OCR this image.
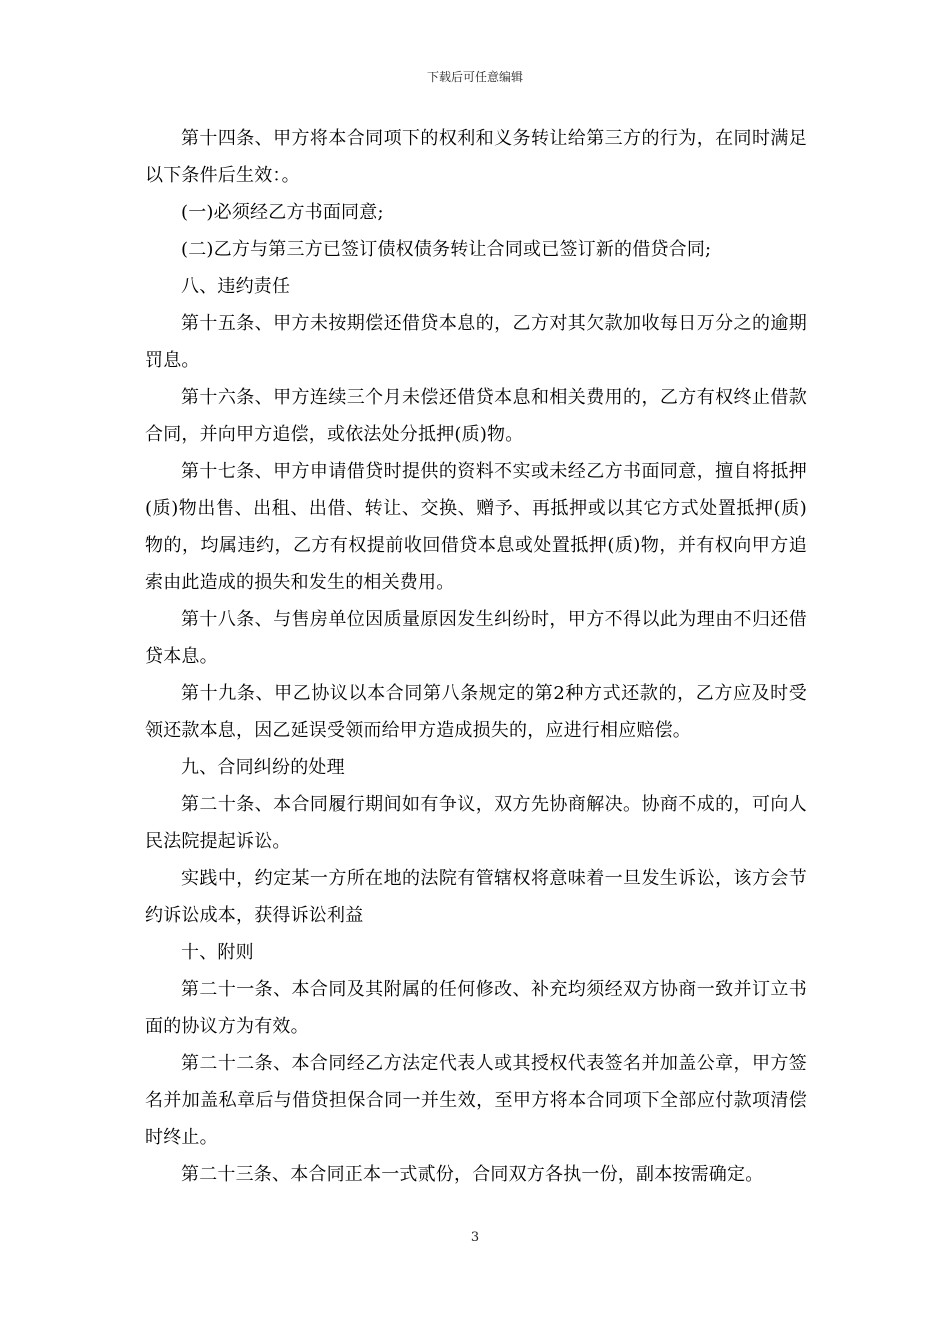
下载后可任意编辑

第十四条、甲方将本合同项下的权利和义务转让给第三方的行为，在同时满足以下条件后生效：。

(一)必须经乙方书面同意;

(二)乙方与第三方已签订债权债务转让合同或已签订新的借贷合同;

八、违约责任

第十五条、甲方未按期偿还借贷本息的，乙方对其欠款加收每日万分之的逾期罚息。

第十六条、甲方连续三个月未偿还借贷本息和相关费用的，乙方有权终止借款合同，并向甲方追偿，或依法处分抵押(质)物。

第十七条、甲方申请借贷时提供的资料不实或未经乙方书面同意，擅自将抵押(质)物出售、出租、出借、转让、交换、赠予、再抵押或以其它方式处置抵押(质)物的，均属违约，乙方有权提前收回借贷本息或处置抵押(质)物，并有权向甲方追索由此造成的损失和发生的相关费用。

第十八条、与售房单位因质量原因发生纠纷时，甲方不得以此为理由不归还借贷本息。

第十九条、甲乙协议以本合同第八条规定的第2种方式还款的，乙方应及时受领还款本息，因乙延误受领而给甲方造成损失的，应进行相应赔偿。

九、合同纠纷的处理

第二十条、本合同履行期间如有争议，双方先协商解决。协商不成的，可向人民法院提起诉讼。

实践中，约定某一方所在地的法院有管辖权将意味着一旦发生诉讼，该方会节约诉讼成本，获得诉讼利益

十、附则

第二十一条、本合同及其附属的任何修改、补充均须经双方协商一致并订立书面的协议方为有效。

第二十二条、本合同经乙方法定代表人或其授权代表签名并加盖公章，甲方签名并加盖私章后与借贷担保合同一并生效，至甲方将本合同项下全部应付款项清偿时终止。

第二十三条、本合同正本一式贰份，合同双方各执一份，副本按需确定。

3
